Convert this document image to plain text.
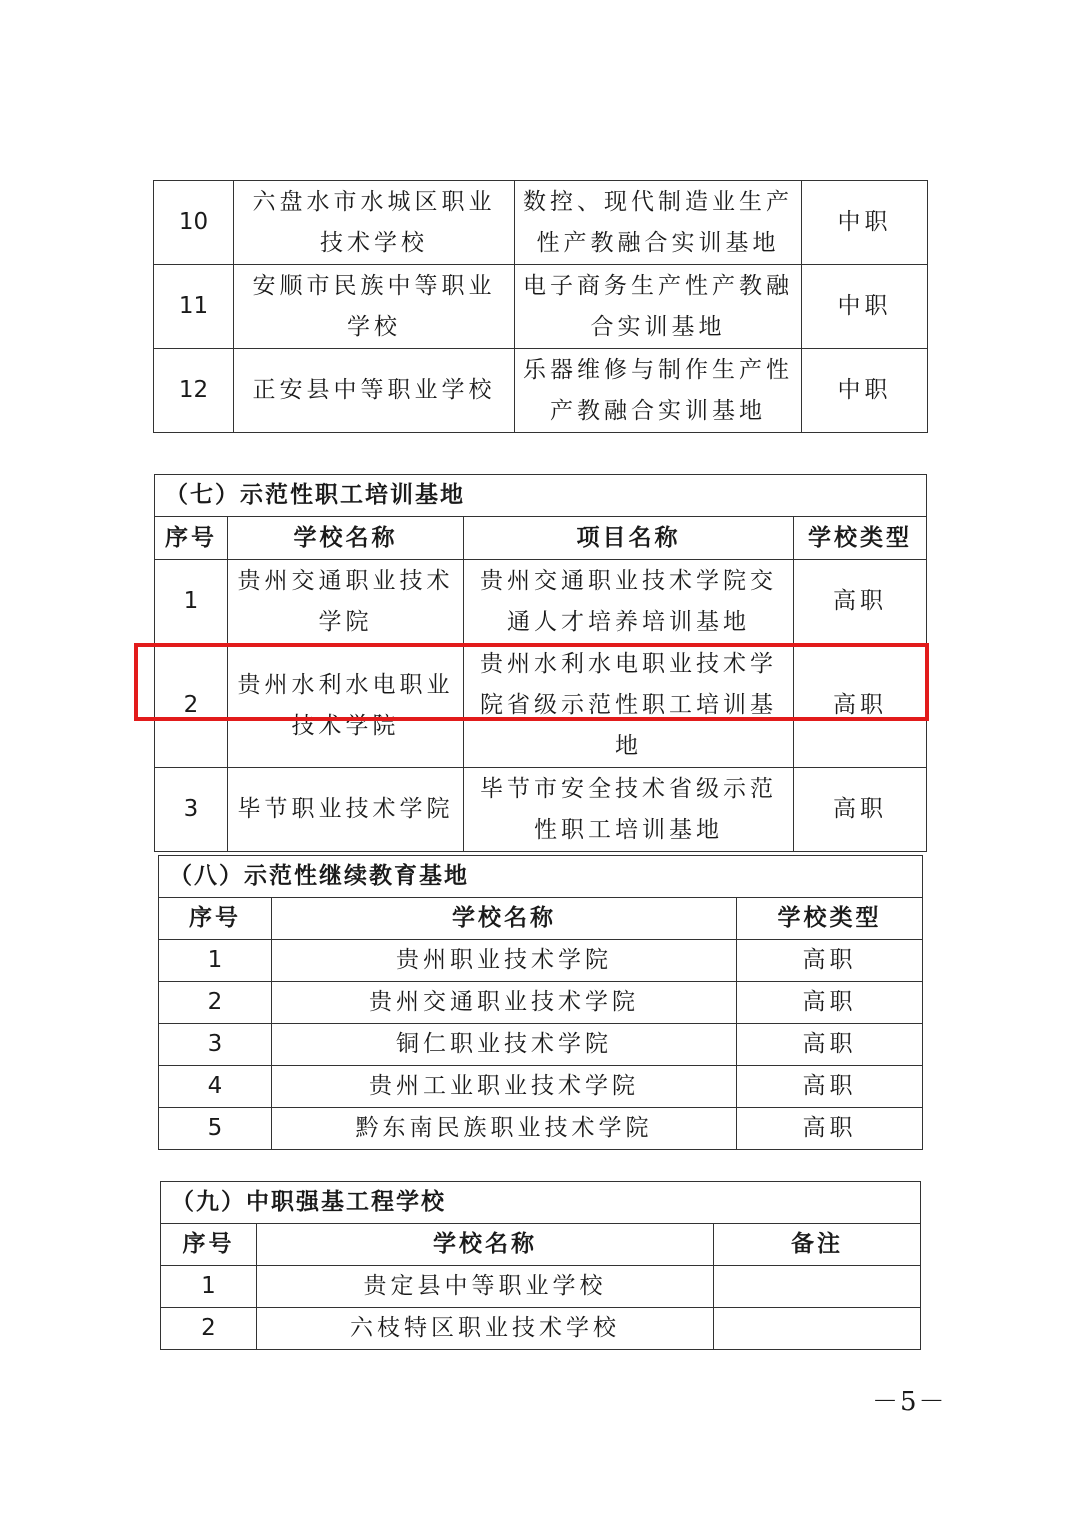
10	六盘水市水城区职业技术学校	数控、现代制造业生产性产教融合实训基地	中职
11	安顺市民族中等职业学校	电子商务生产性产教融合实训基地	中职
12	正安县中等职业学校	乐器维修与制作生产性产教融合实训基地	中职
（七）示范性职工培训基地			
序号	学校名称	项目名称	学校类型
1	贵州交通职业技术学院	贵州交通职业技术学院交通人才培养培训基地	高职
2	贵州水利水电职业技术学院	贵州水利水电职业技术学院省级示范性职工培训基地	高职
3	毕节职业技术学院	毕节市安全技术省级示范性职工培训基地	高职
（八）示范性继续教育基地		
序号	学校名称	学校类型
1	贵州职业技术学院	高职
2	贵州交通职业技术学院	高职
3	铜仁职业技术学院	高职
4	贵州工业职业技术学院	高职
5	黔东南民族职业技术学院	高职
（九）中职强基工程学校		
序号	学校名称	备注
1	贵定县中等职业学校	
2	六枝特区职业技术学校	
－5－
